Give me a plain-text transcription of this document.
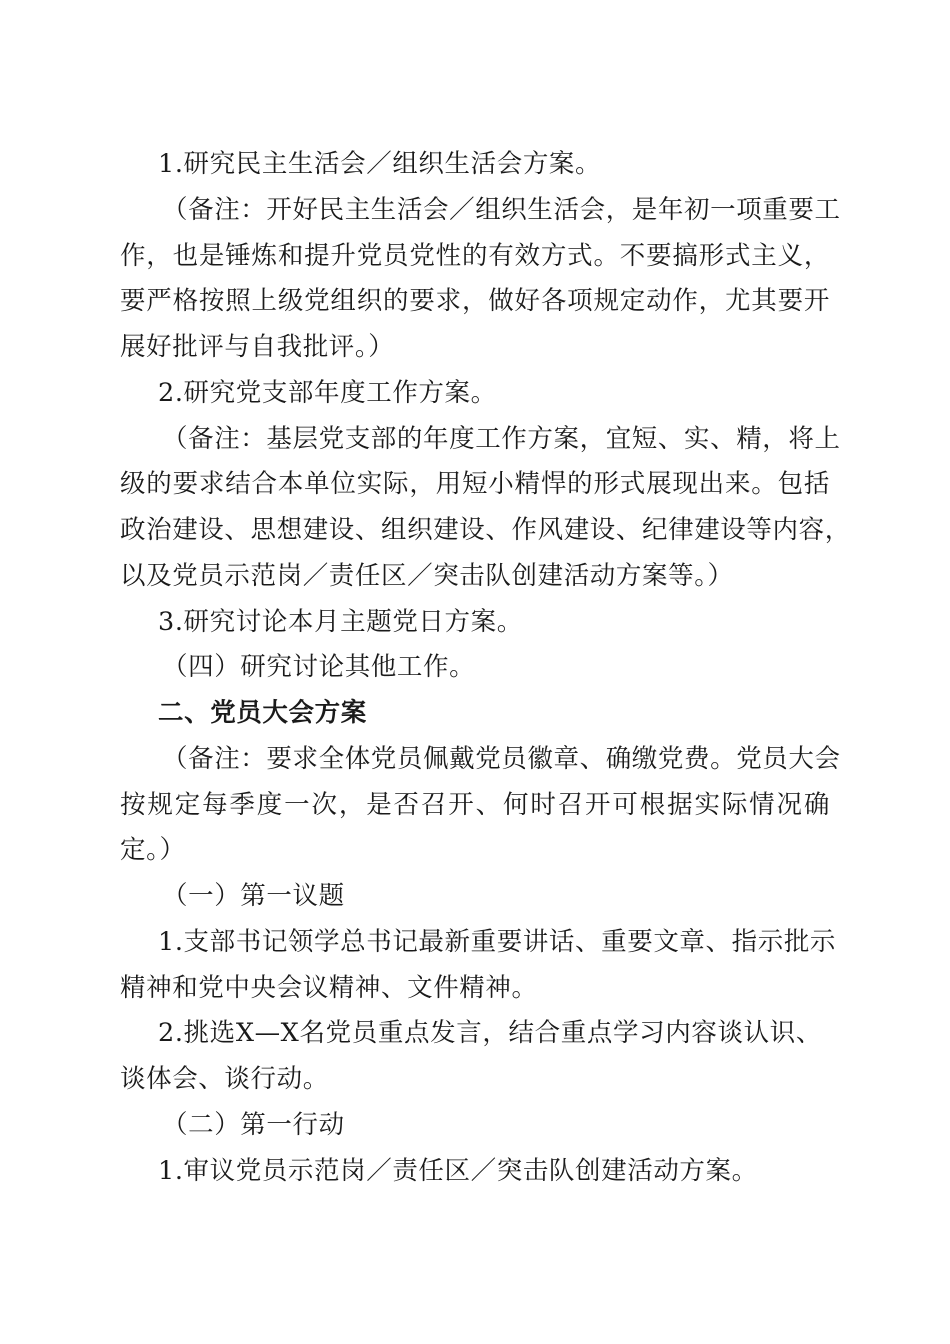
1.研究民主生活会／组织生活会方案。
（备注：开好民主生活会／组织生活会，是年初一项重要工
作，也是锤炼和提升党员党性的有效方式。不要搞形式主义，
要严格按照上级党组织的要求，做好各项规定动作，尤其要开
展好批评与自我批评。）
2.研究党支部年度工作方案。
（备注：基层党支部的年度工作方案，宜短、实、精，将上
级的要求结合本单位实际，用短小精悍的形式展现出来。包括
政治建设、思想建设、组织建设、作风建设、纪律建设等内容，
以及党员示范岗／责任区／突击队创建活动方案等。）
3.研究讨论本月主题党日方案。
（四）研究讨论其他工作。
二、党员大会方案
（备注：要求全体党员佩戴党员徽章、确缴党费。党员大会
按规定每季度一次，是否召开、何时召开可根据实际情况确
定。）
（一）第一议题
1.支部书记领学总书记最新重要讲话、重要文章、指示批示
精神和党中央会议精神、文件精神。
2.挑选X—X名党员重点发言，结合重点学习内容谈认识、
谈体会、谈行动。
（二）第一行动
1.审议党员示范岗／责任区／突击队创建活动方案。
